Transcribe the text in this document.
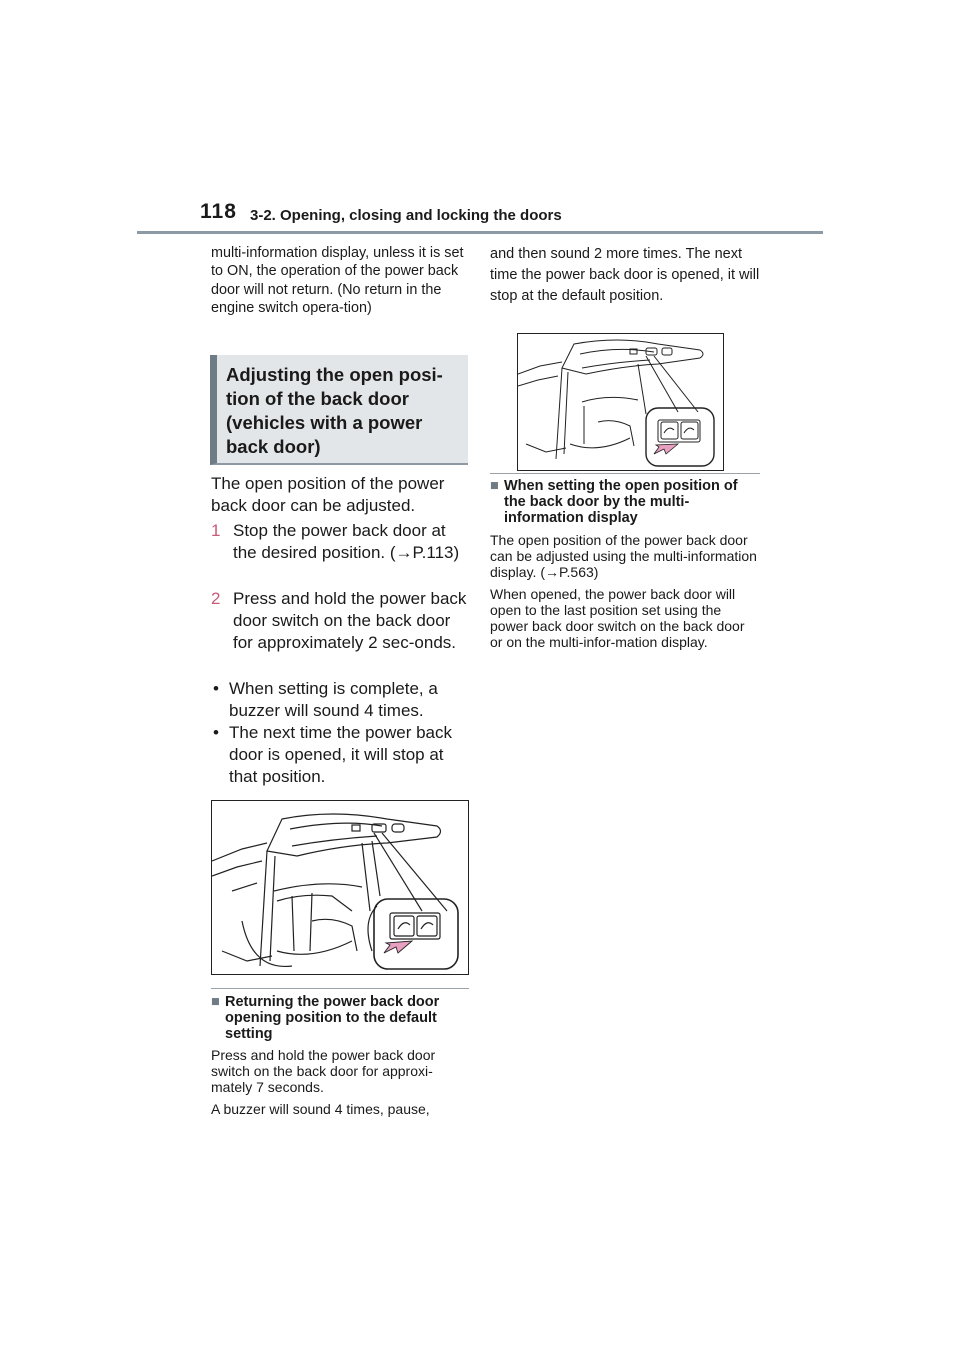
118 3-2. Opening, closing and locking the doors
multi-information display, unless it is set to ON, the operation of the power back door will not return. (No return in the engine switch opera-tion)
Adjusting the open posi-tion of the back door (vehicles with a power back door)
The open position of the power back door can be adjusted.
1 Stop the power back door at the desired position. (→P.113)
2 Press and hold the power back door switch on the back door for approximately 2 sec-onds.
• When setting is complete, a buzzer will sound 4 times.
• The next time the power back door is opened, it will stop at that position.
■ Returning the power back door opening position to the default setting
Press and hold the power back door switch on the back door for approxi-mately 7 seconds.
A buzzer will sound 4 times, pause,
and then sound 2 more times. The next time the power back door is opened, it will stop at the default position.
■ When setting the open position of the back door by the multi-information display
The open position of the power back door can be adjusted using the multi-information display. (→P.563)
When opened, the power back door will open to the last position set using the power back door switch on the back door or on the multi-infor-mation display.
